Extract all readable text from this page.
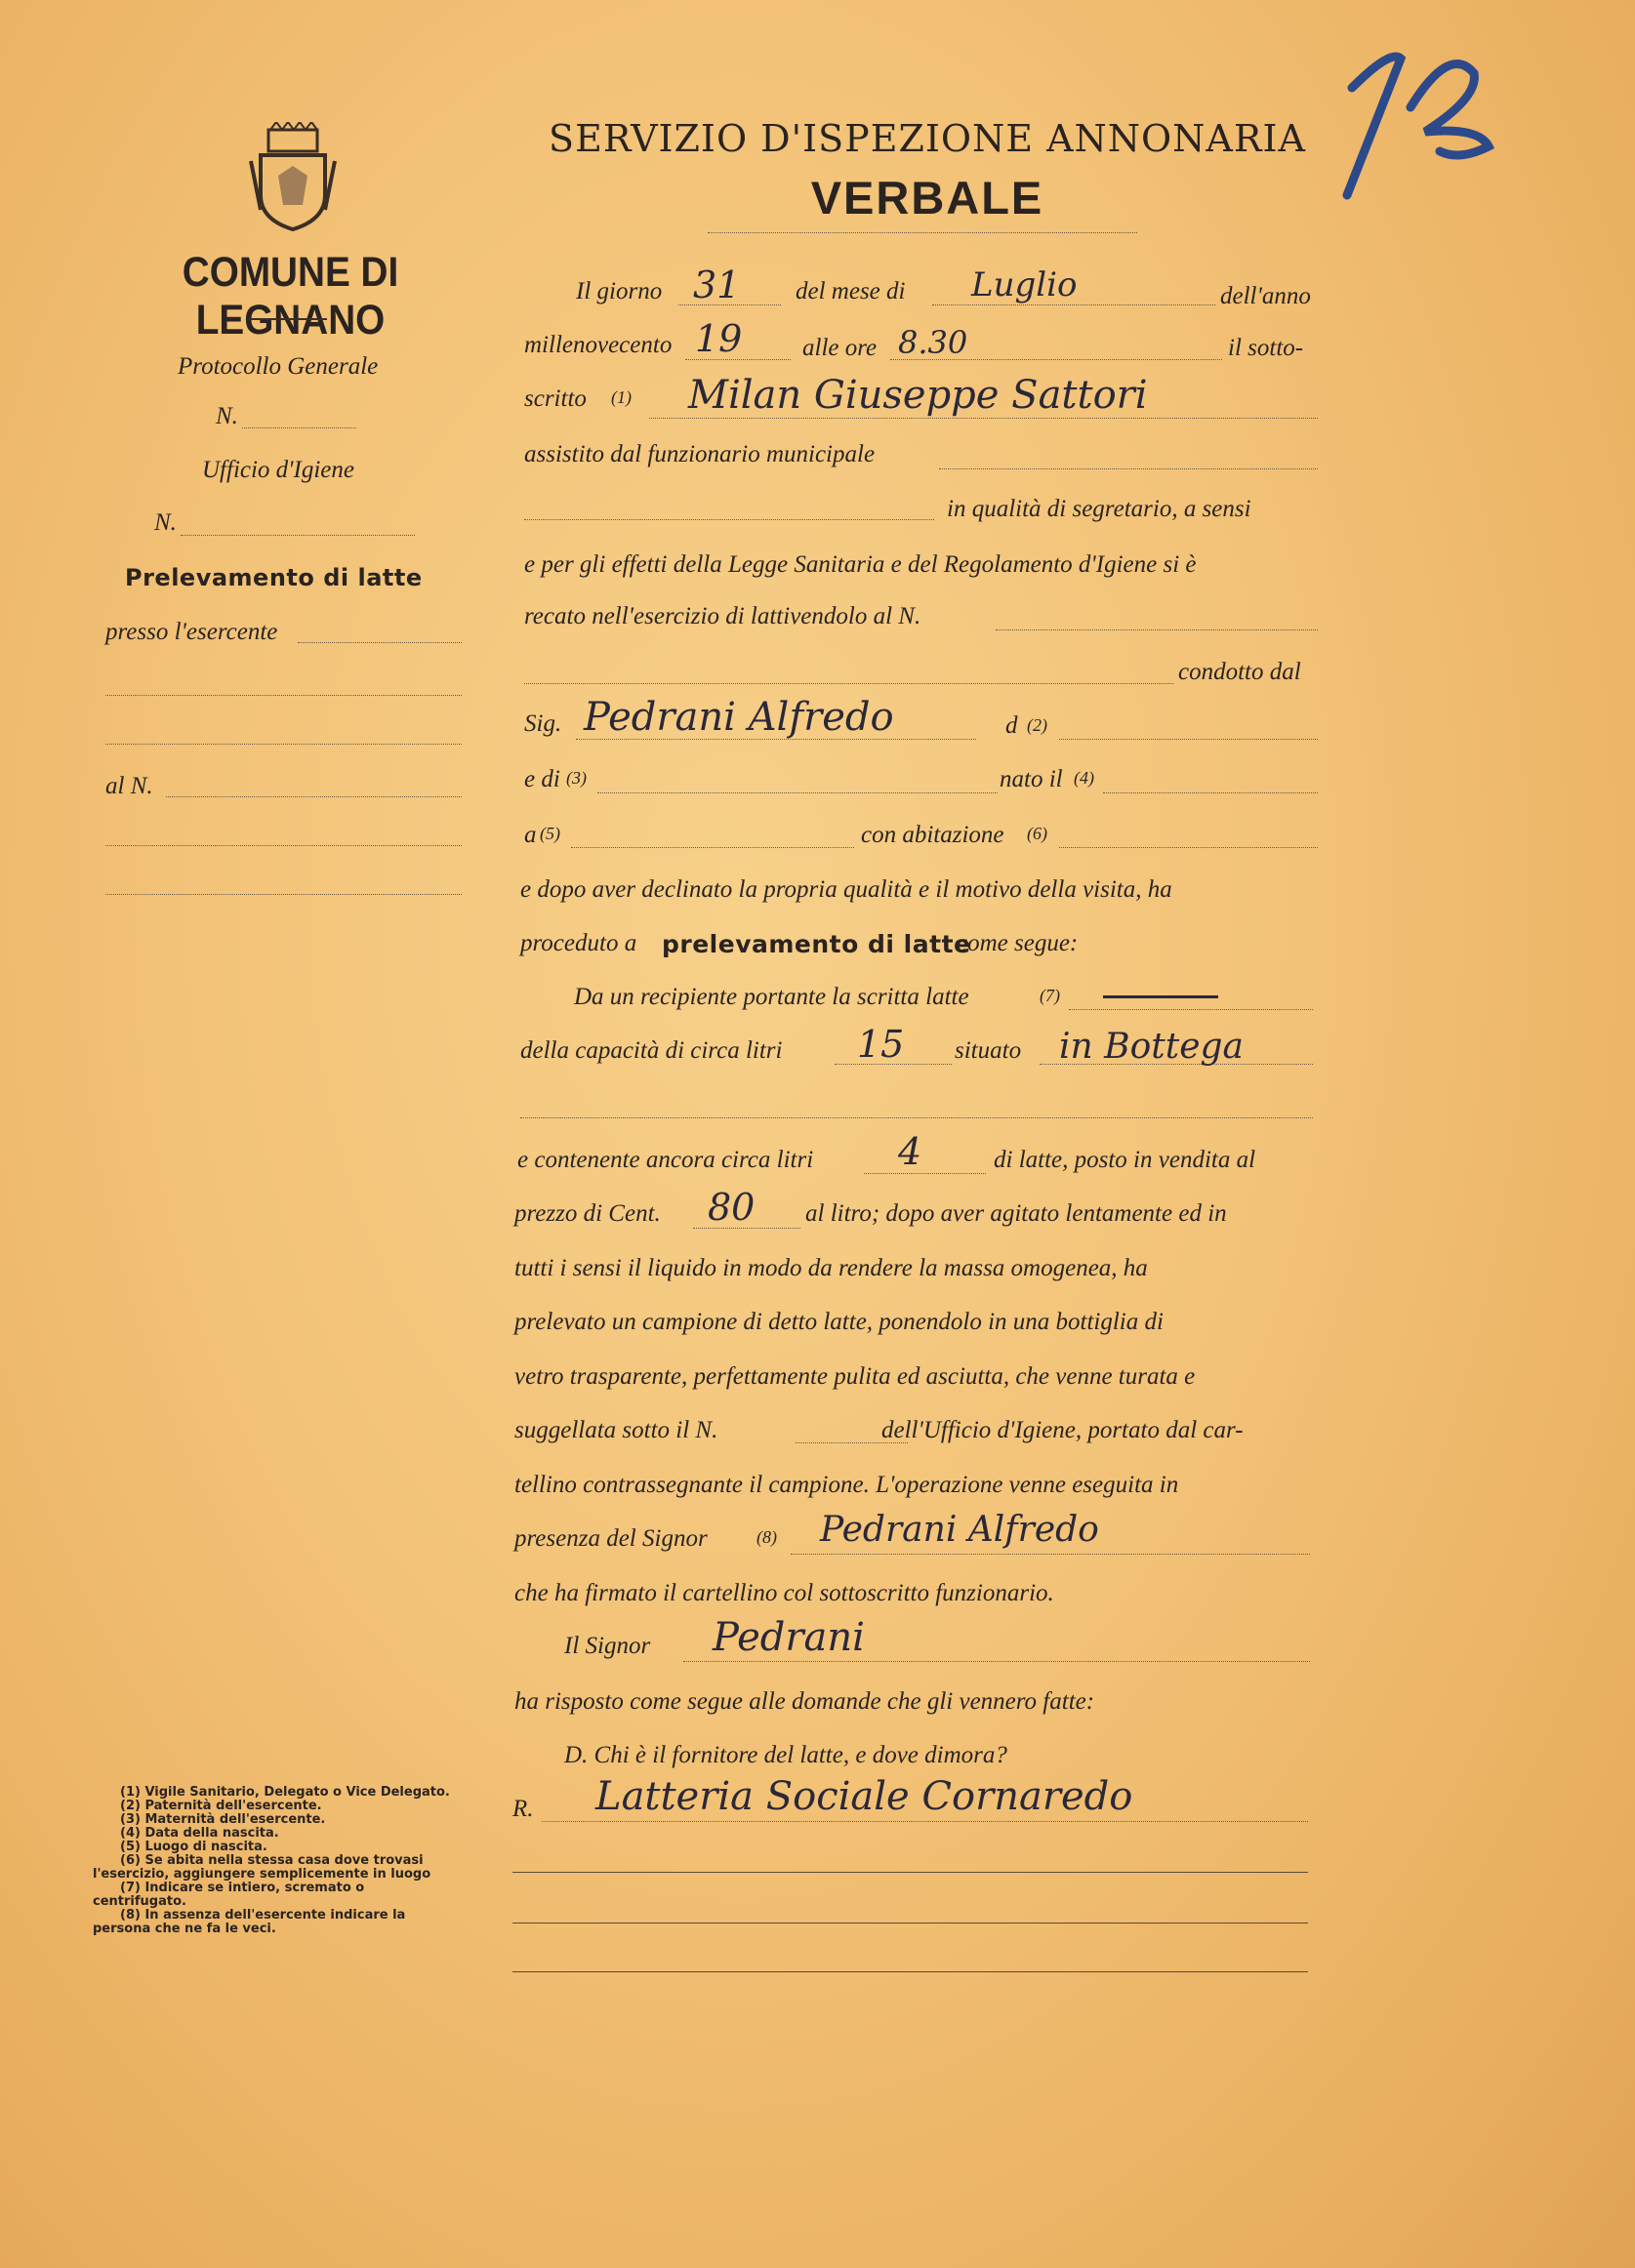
COMUNE DI LEGNANO
SERVIZIO D'ISPEZIONE ANNONARIA
VERBALE
Protocollo Generale
N.
Ufficio d'Igiene
N.
Prelevamento di latte
presso l'esercente
al N.
Il giorno 31 del mese di Luglio	dell'anno
millenovecento 19 alle ore 8.30	il sotto-
scritto (1) Milan Giuseppe Sattori
assistito dal funzionario municipale
in qualità di segretario, a sensi
e per gli effetti della Legge Sanitaria e del Regolamento d'Igiene si è
recato nell'esercizio di lattivendolo al N.
condotto dal
Sig. Pedrani Alfredo	d (2)
e di (3)	nato il (4)
a (5)	con abitazione (6)
e dopo aver declinato la propria qualità e il motivo della visita, ha
proceduto a prelevamento di latte
come segue:
Da un recipiente portante la scritta latte	(7)
della capacità di circa litri 15 situato in Bottega
e contenente ancora circa litri 4	di latte, posto in vendita al
prezzo di Cent. 80 al litro; dopo aver agitato lentamente ed in
tutti i sensi il liquido in modo da rendere la massa omogenea, ha
prelevato un campione di detto latte, ponendolo in una bottiglia di
vetro trasparente, perfettamente pulita ed asciutta, che venne turata e
suggellata sotto il N.	dell'Ufficio d'Igiene, portato dal car-
tellino contrassegnante il campione. L'operazione venne eseguita in
presenza del Signor	(8) Pedrani Alfredo
che ha firmato il cartellino col sottoscritto funzionario.
Il Signor Pedrani
ha risposto come segue alle domande che gli vennero fatte:
D. Chi è il fornitore del latte, e dove dimora?
R. Latteria Sociale Cornaredo
(1) Vigile Sanitario, Delegato o Vice Delegato.
(2) Paternità dell'esercente.
(3) Maternità dell'esercente.
(4) Data della nascita.
(5) Luogo di nascita.
(6) Se abita nella stessa casa dove trovasi l'esercizio, aggiungere semplicemente in luogo
(7) Indicare se intiero, scremato o centrifugato.
(8) In assenza dell'esercente indicare la persona che ne fa le veci.
